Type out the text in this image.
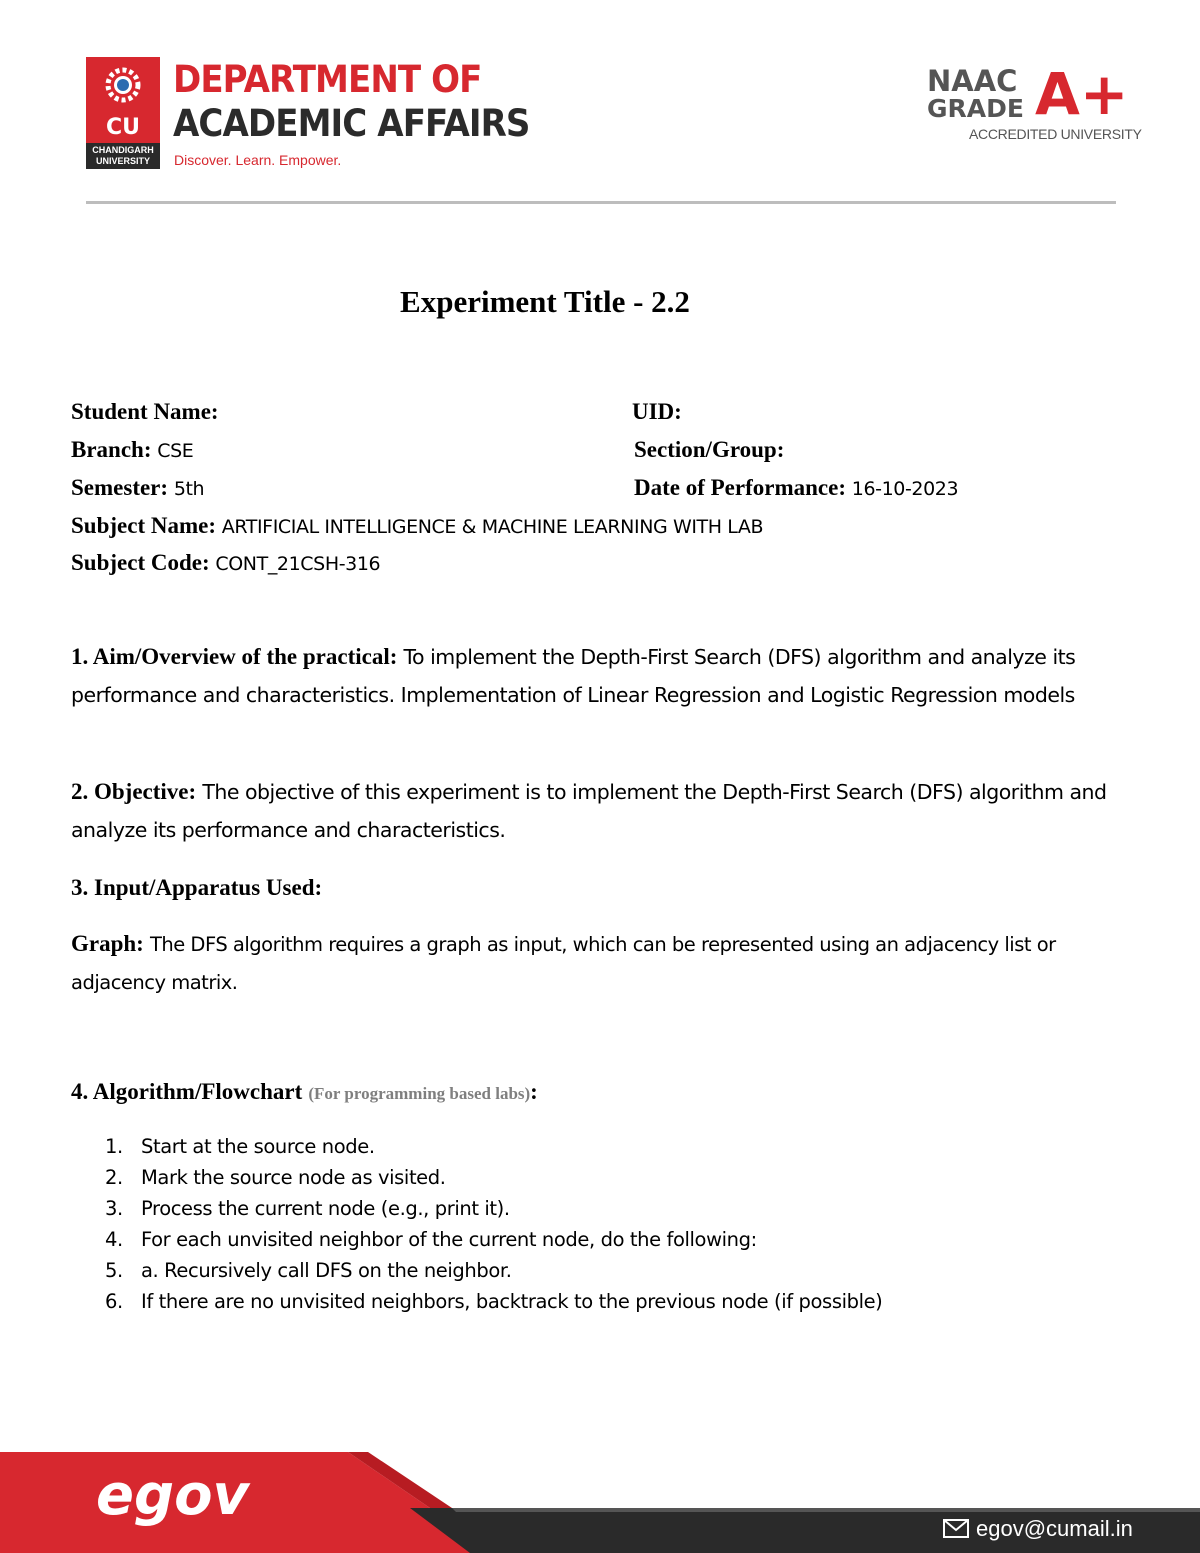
CU
CHANDIGARH UNIVERSITY
DEPARTMENT OF
ACADEMIC AFFAIRS
Discover. Learn. Empower.
NAAC
GRADE A+
ACCREDITED UNIVERSITY
Experiment Title - 2.2
Student Name:	UID:
Branch: CSE	Section/Group:
Semester: 5th	Date of Performance: 16-10-2023
Subject Name: ARTIFICIAL INTELLIGENCE & MACHINE LEARNING WITH LAB
Subject Code: CONT_21CSH-316
1. Aim/Overview of the practical: To implement the Depth-First Search (DFS) algorithm and analyze its performance and characteristics. Implementation of Linear Regression and Logistic Regression models
2. Objective: The objective of this experiment is to implement the Depth-First Search (DFS) algorithm and analyze its performance and characteristics.
3. Input/Apparatus Used:
Graph: The DFS algorithm requires a graph as input, which can be represented using an adjacency list or adjacency matrix.
4. Algorithm/Flowchart (For programming based labs):
1. Start at the source node.
2. Mark the source node as visited.
3. Process the current node (e.g., print it).
4. For each unvisited neighbor of the current node, do the following:
5. a. Recursively call DFS on the neighbor.
6. If there are no unvisited neighbors, backtrack to the previous node (if possible)
egov
egov@cumail.in
